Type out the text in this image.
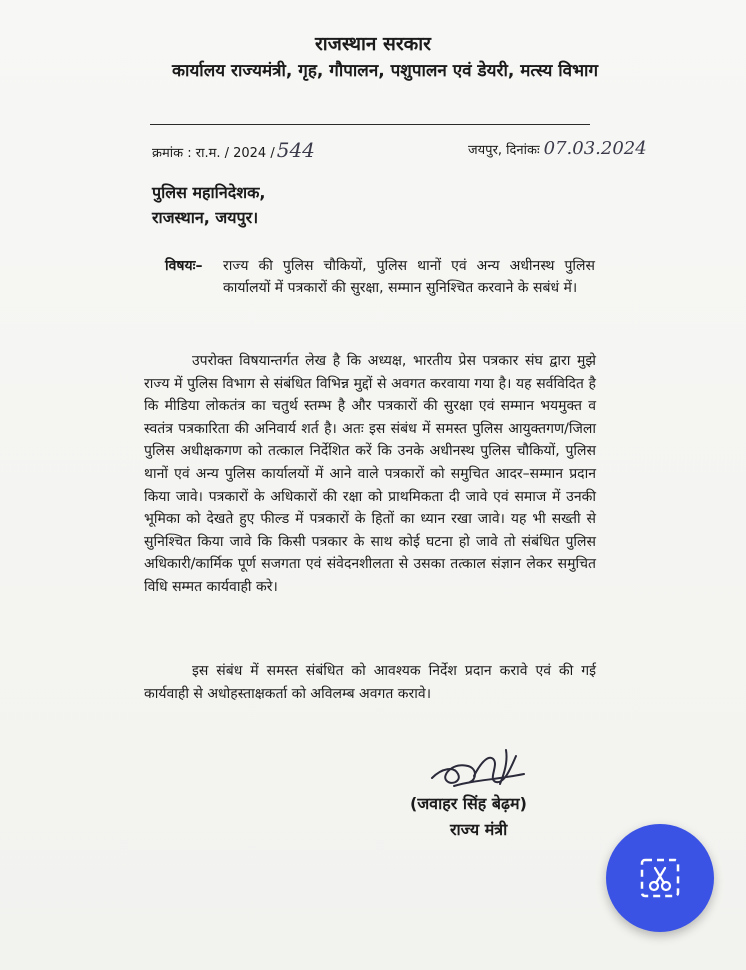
राजस्थान सरकार
कार्यालय राज्यमंत्री, गृह, गौपालन, पशुपालन एवं डेयरी, मत्स्य विभाग
क्रमांक : रा.म. / 2024 / 544	जयपुर, दिनांकः 07.03.2024
पुलिस महानिदेशक,
राजस्थान, जयपुर।
विषयः–	राज्य की पुलिस चौकियों, पुलिस थानों एवं अन्य अधीनस्थ पुलिस कार्यालयों में पत्रकारों की सुरक्षा, सम्मान सुनिश्चित करवाने के सबंधं में।
उपरोक्त विषयान्तर्गत लेख है कि अध्यक्ष, भारतीय प्रेस पत्रकार संघ द्वारा मुझे राज्य में पुलिस विभाग से संबंधित विभिन्न मुद्दों से अवगत करवाया गया है। यह सर्वविदित है कि मीडिया लोकतंत्र का चतुर्थ स्तम्भ है और पत्रकारों की सुरक्षा एवं सम्मान भयमुक्त व स्वतंत्र पत्रकारिता की अनिवार्य शर्त है। अतः इस संबंध में समस्त पुलिस आयुक्तगण/जिला पुलिस अधीक्षकगण को तत्काल निर्देशित करें कि उनके अधीनस्थ पुलिस चौकियों, पुलिस थानों एवं अन्य पुलिस कार्यालयों में आने वाले पत्रकारों को समुचित आदर–सम्मान प्रदान किया जावे। पत्रकारों के अधिकारों की रक्षा को प्राथमिकता दी जावे एवं समाज में उनकी भूमिका को देखते हुए फील्ड में पत्रकारों के हितों का ध्यान रखा जावे। यह भी सख्ती से सुनिश्चित किया जावे कि किसी पत्रकार के साथ कोई घटना हो जावे तो संबंधित पुलिस अधिकारी/कार्मिक पूर्ण सजगता एवं संवेदनशीलता से उसका तत्काल संज्ञान लेकर समुचित विधि सम्मत कार्यवाही करे।
इस संबंध में समस्त संबंधित को आवश्यक निर्देश प्रदान करावे एवं की गई कार्यवाही से अधोहस्ताक्षकर्ता को अविलम्ब अवगत करावे।
(जवाहर सिंह बेढ़म)
राज्य मंत्री
